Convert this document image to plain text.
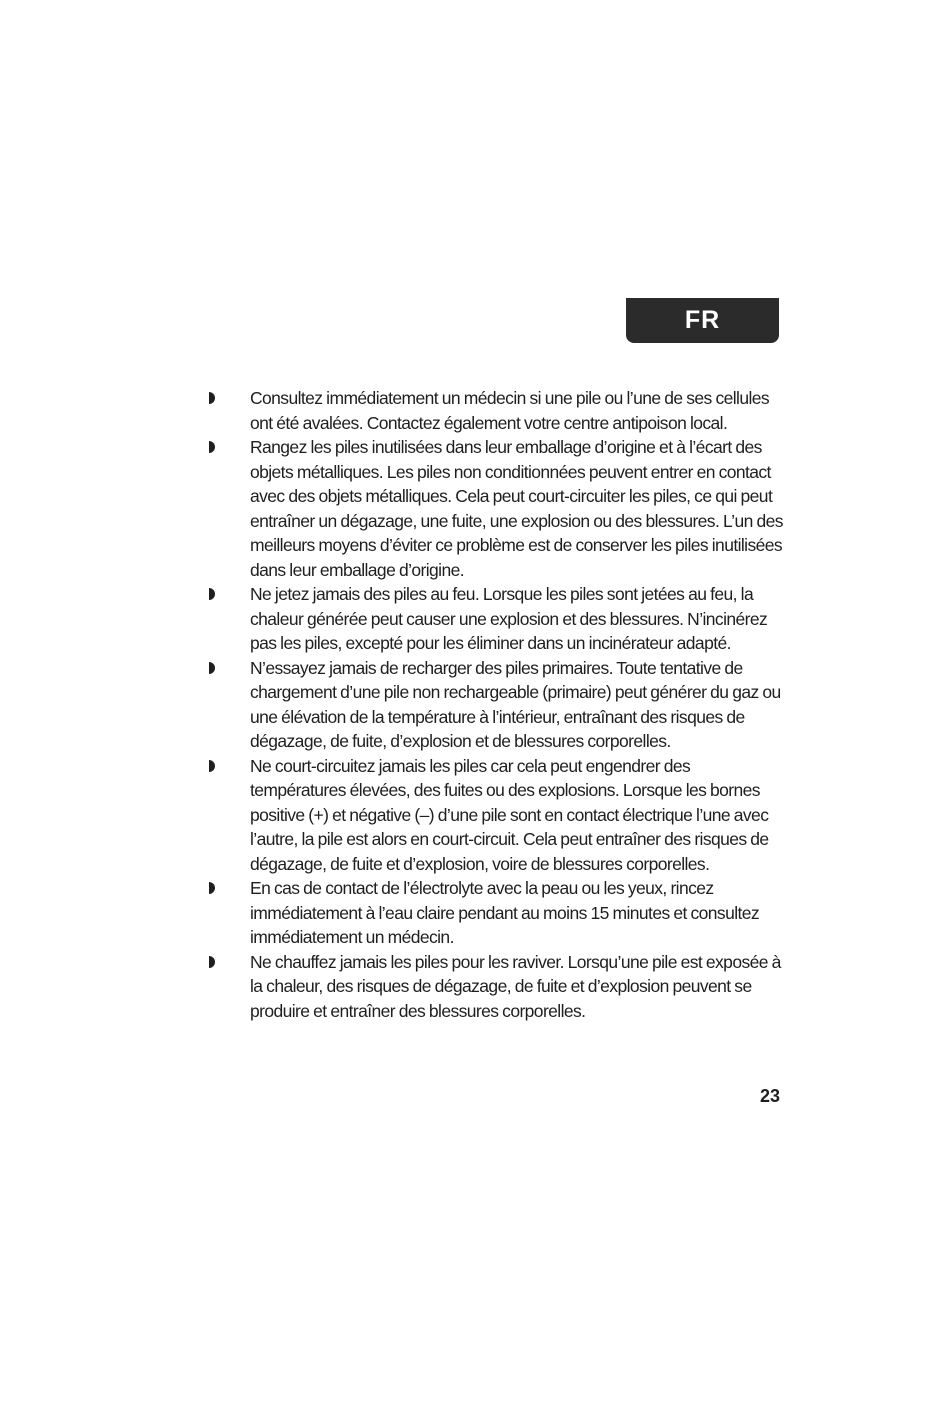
FR
Consultez immédiatement un médecin si une pile ou l’une de ses cellules ont été avalées. Contactez également votre centre antipoison local.
Rangez les piles inutilisées dans leur emballage d’origine et à l’écart des objets métalliques. Les piles non conditionnées peuvent entrer en contact avec des objets métalliques. Cela peut court-circuiter les piles, ce qui peut entraîner un dégazage, une fuite, une explosion ou des blessures. L’un des meilleurs moyens d’éviter ce problème est de conserver les piles inutilisées dans leur emballage d’origine.
Ne jetez jamais des piles au feu. Lorsque les piles sont jetées au feu, la chaleur générée peut causer une explosion et des blessures. N’incinérez pas les piles, excepté pour les éliminer dans un incinérateur adapté.
N’essayez jamais de recharger des piles primaires. Toute tentative de chargement d’une pile non rechargeable (primaire) peut générer du gaz ou une élévation de la température à l’intérieur, entraînant des risques de dégazage, de fuite, d’explosion et de blessures corporelles.
Ne court-circuitez jamais les piles car cela peut engendrer des températures élevées, des fuites ou des explosions. Lorsque les bornes positive (+) et négative (–) d’une pile sont en contact électrique l’une avec l’autre, la pile est alors en court-circuit. Cela peut entraîner des risques de dégazage, de fuite et d’explosion, voire de blessures corporelles.
En cas de contact de l’électrolyte avec la peau ou les yeux, rincez immédiatement à l’eau claire pendant au moins 15 minutes et consultez immédiatement un médecin.
Ne chauffez jamais les piles pour les raviver. Lorsqu’une pile est exposée à la chaleur, des risques de dégazage, de fuite et d’explosion peuvent se produire et entraîner des blessures corporelles.
23
